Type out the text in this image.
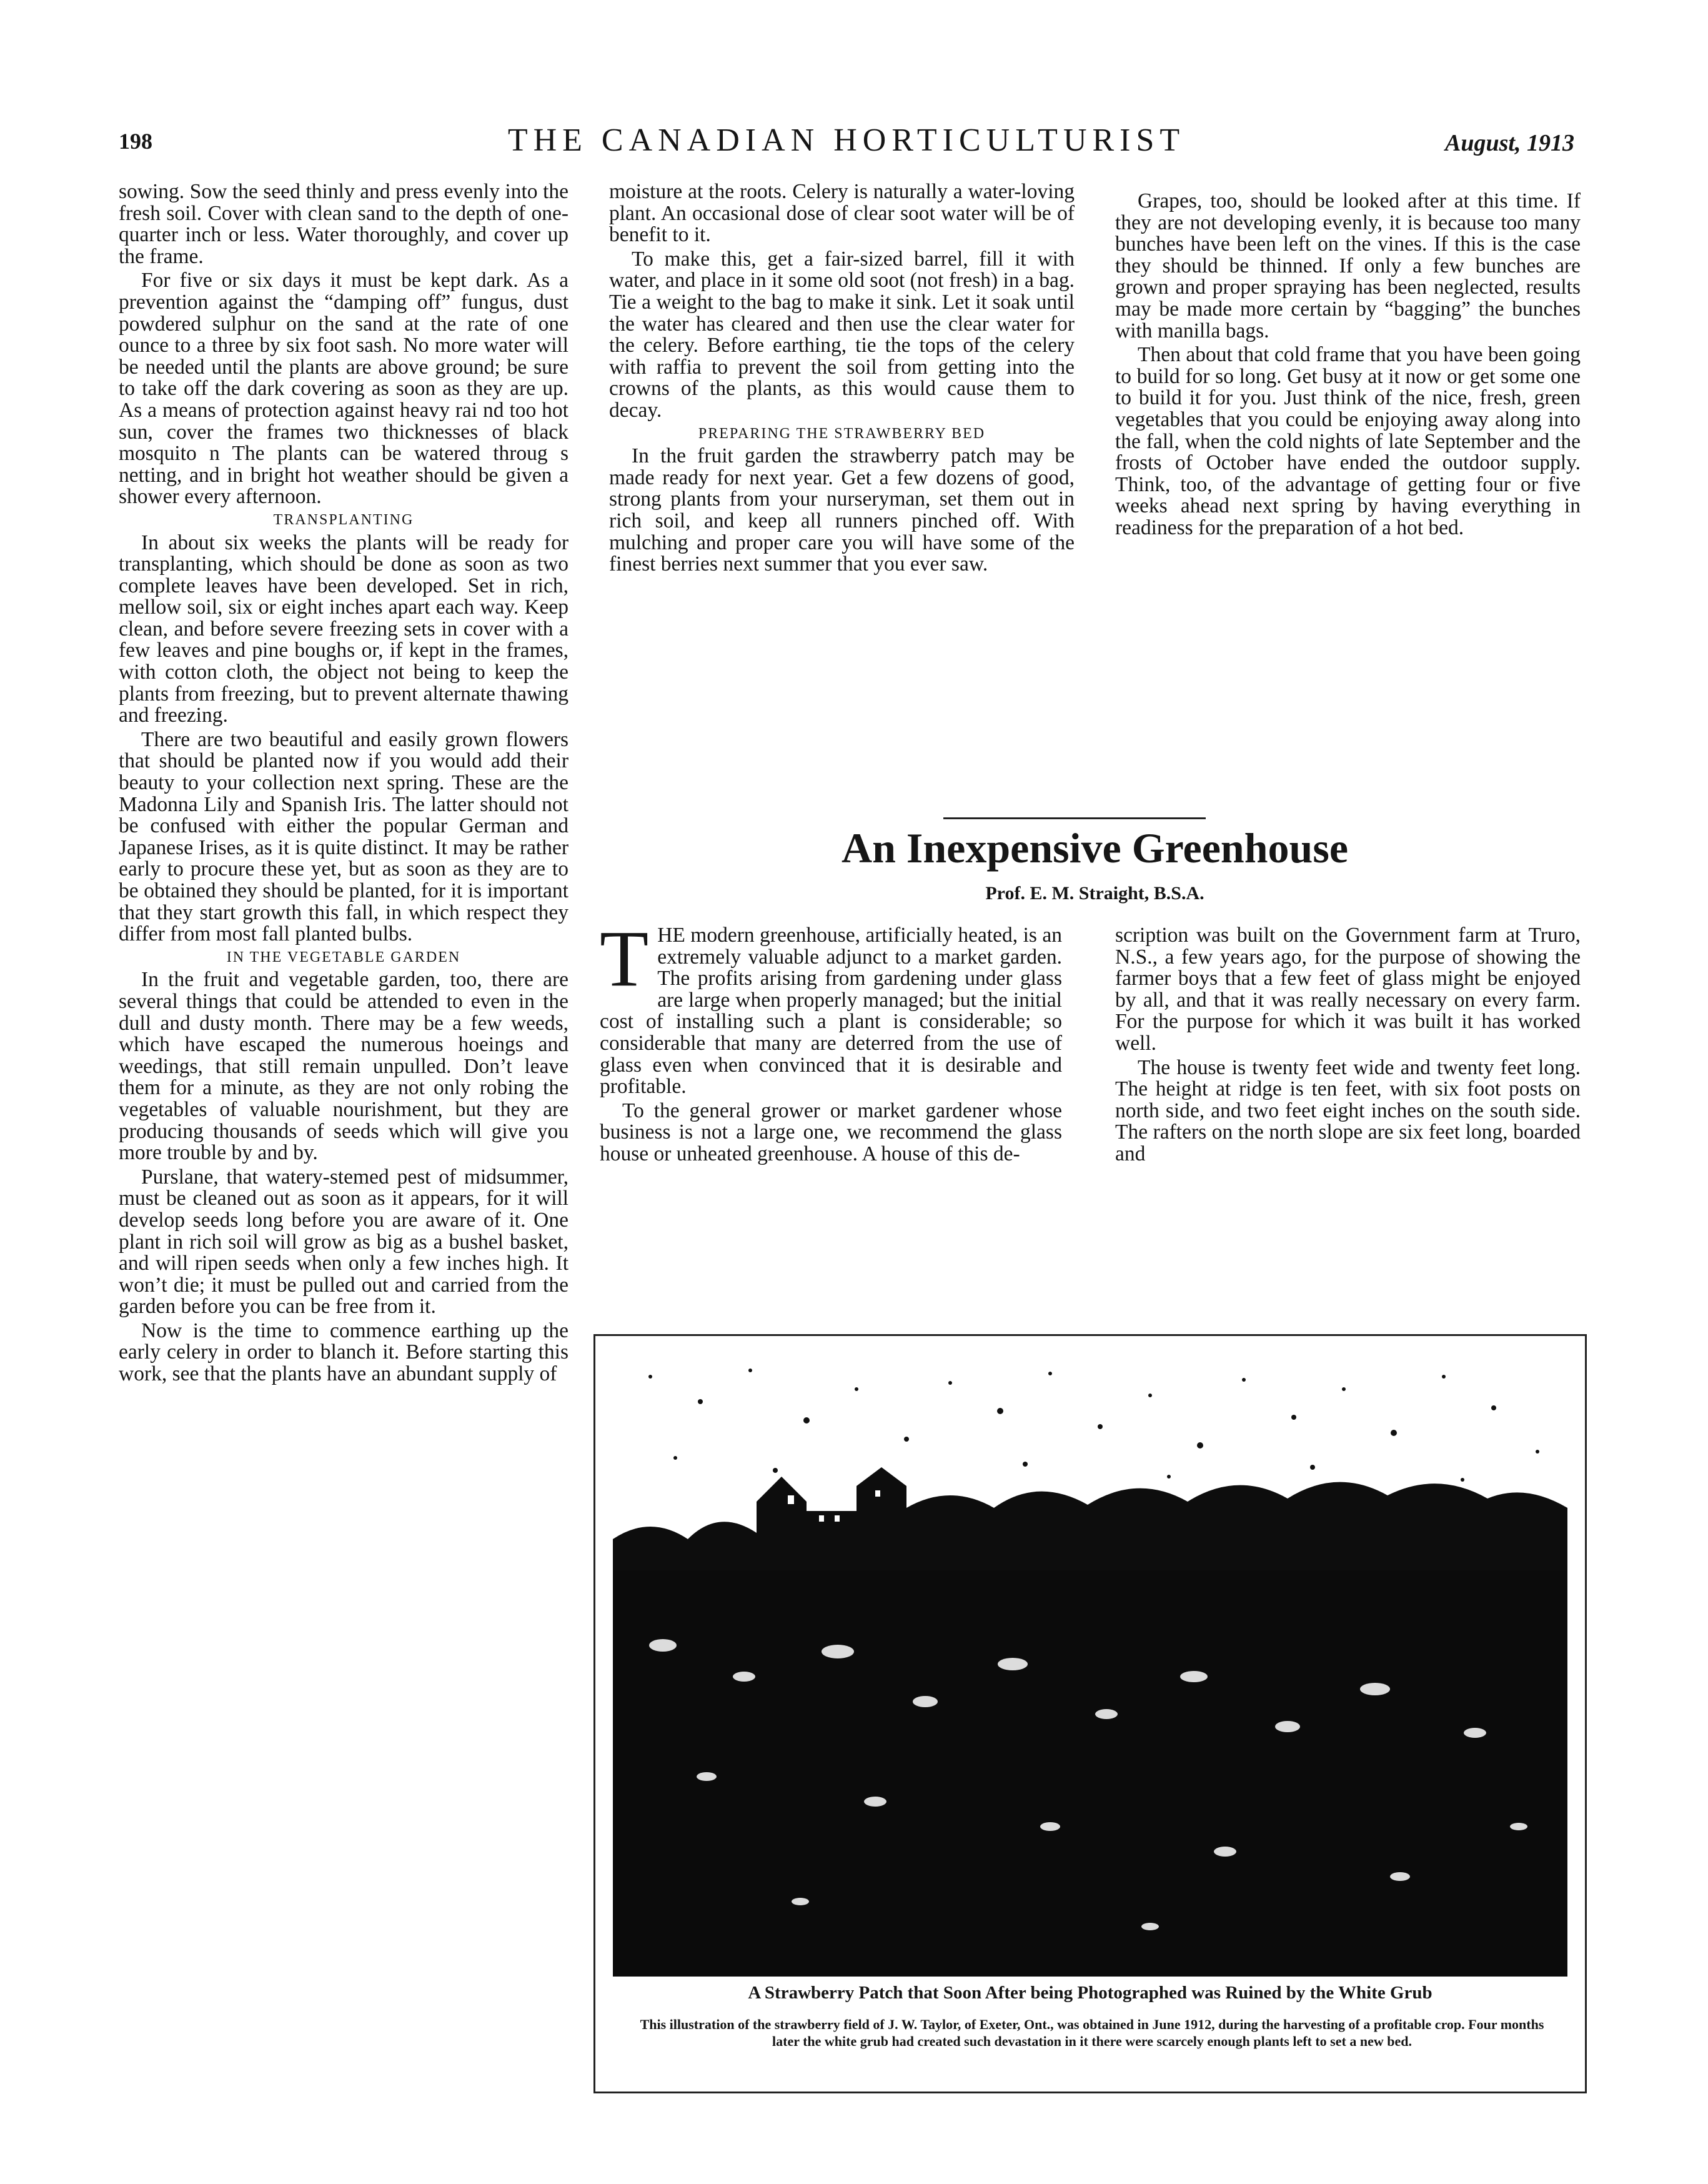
198	THE CANADIAN HORTICULTURIST	August, 1913

sowing. Sow the seed thinly and press evenly into the fresh soil. Cover with clean sand to the depth of one-quarter inch or less. Water thoroughly, and cover up the frame.

For five or six days it must be kept dark. As a prevention against the “damping off” fungus, dust powdered sulphur on the sand at the rate of one ounce to a three by six foot sash. No more water will be needed until the plants are above ground; be sure to take off the dark covering as soon as they are up. As a means of protection against heavy rai nd too hot sun, cover the frames two thicknesses of black mosquito n The plants can be watered throug s netting, and in bright hot weather should be given a shower every afternoon.

TRANSPLANTING

In about six weeks the plants will be ready for transplanting, which should be done as soon as two complete leaves have been developed. Set in rich, mellow soil, six or eight inches apart each way. Keep clean, and before severe freezing sets in cover with a few leaves and pine boughs or, if kept in the frames, with cotton cloth, the object not being to keep the plants from freezing, but to prevent alternate thawing and freezing.

There are two beautiful and easily grown flowers that should be planted now if you would add their beauty to your collection next spring. These are the Madonna Lily and Spanish Iris. The latter should not be confused with either the popular German and Japanese Irises, as it is quite distinct. It may be rather early to procure these yet, but as soon as they are to be obtained they should be planted, for it is important that they start growth this fall, in which respect they differ from most fall planted bulbs.

IN THE VEGETABLE GARDEN

In the fruit and vegetable garden, too, there are several things that could be attended to even in the dull and dusty month. There may be a few weeds, which have escaped the numerous hoeings and weedings, that still remain unpulled. Don’t leave them for a minute, as they are not only robing the vegetables of valuable nourishment, but they are producing thousands of seeds which will give you more trouble by and by.

Purslane, that watery-stemed pest of midsummer, must be cleaned out as soon as it appears, for it will develop seeds long before you are aware of it. One plant in rich soil will grow as big as a bushel basket, and will ripen seeds when only a few inches high. It won’t die; it must be pulled out and carried from the garden before you can be free from it.

Now is the time to commence earthing up the early celery in order to blanch it. Before starting this work, see that the plants have an abundant supply of

moisture at the roots. Celery is naturally a water-loving plant. An occasional dose of clear soot water will be of benefit to it.

To make this, get a fair-sized barrel, fill it with water, and place in it some old soot (not fresh) in a bag. Tie a weight to the bag to make it sink. Let it soak until the water has cleared and then use the clear water for the celery. Before earthing, tie the tops of the celery with raffia to prevent the soil from getting into the crowns of the plants, as this would cause them to decay.

PREPARING THE STRAWBERRY BED

In the fruit garden the strawberry patch may be made ready for next year. Get a few dozens of good, strong plants from your nurseryman, set them out in rich soil, and keep all runners pinched off. With mulching and proper care you will have some of the finest berries next summer that you ever saw.

Grapes, too, should be looked after at this time. If they are not developing evenly, it is because too many bunches have been left on the vines. If this is the case they should be thinned. If only a few bunches are grown and proper spraying has been neglected, results may be made more certain by “bagging” the bunches with manilla bags.

Then about that cold frame that you have been going to build for so long. Get busy at it now or get some one to build it for you. Just think of the nice, fresh, green vegetables that you could be enjoying away along into the fall, when the cold nights of late September and the frosts of October have ended the outdoor supply. Think, too, of the advantage of getting four or five weeks ahead next spring by having everything in readiness for the preparation of a hot bed.

An Inexpensive Greenhouse
Prof. E. M. Straight, B.S.A.

THE modern greenhouse, artificially heated, is an extremely valuable adjunct to a market garden. The profits arising from gardening under glass are large when properly managed; but the initial cost of installing such a plant is considerable; so considerable that many are deterred from the use of glass even when convinced that it is desirable and profitable.

To the general grower or market gardener whose business is not a large one, we recommend the glass house or unheated greenhouse. A house of this de-

scription was built on the Government farm at Truro, N.S., a few years ago, for the purpose of showing the farmer boys that a few feet of glass might be enjoyed by all, and that it was really necessary on every farm. For the purpose for which it was built it has worked well.

The house is twenty feet wide and twenty feet long. The height at ridge is ten feet, with six foot posts on north side, and two feet eight inches on the south side. The rafters on the north slope are six feet long, boarded and

A Strawberry Patch that Soon After being Photographed was Ruined by the White Grub
This illustration of the strawberry field of J. W. Taylor, of Exeter, Ont., was obtained in June 1912, during the harvesting of a profitable crop. Four months later the white grub had created such devastation in it there were scarcely enough plants left to set a new bed.
